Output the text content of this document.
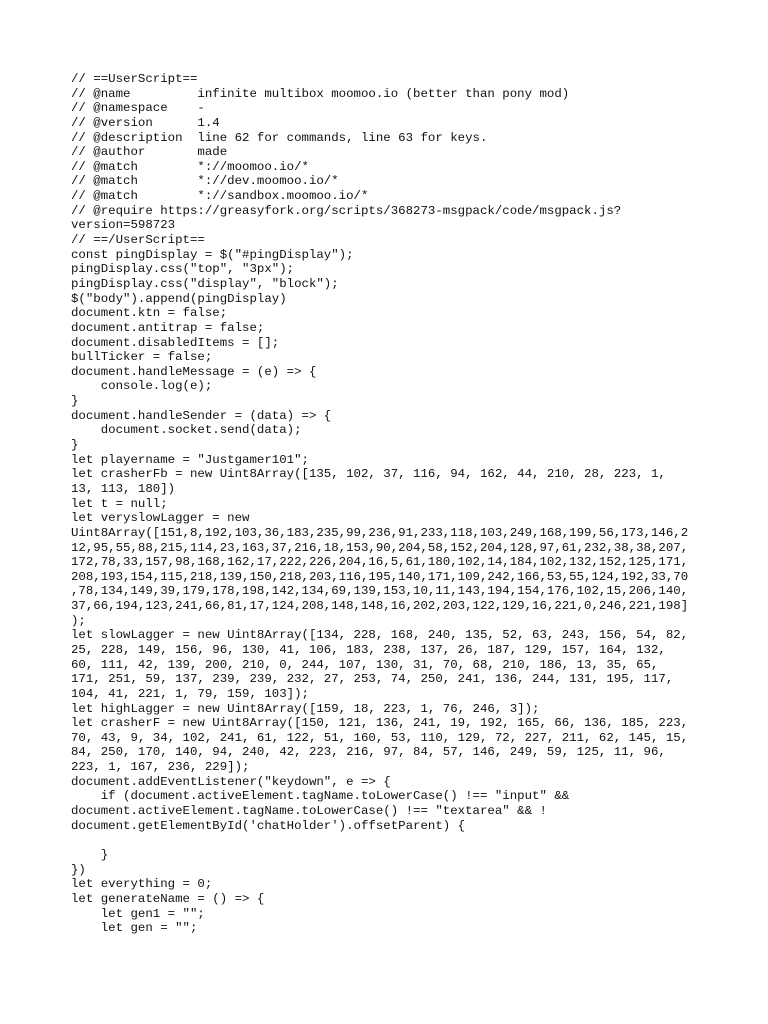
// ==UserScript==
// @name         infinite multibox moomoo.io (better than pony mod)
// @namespace    -
// @version      1.4
// @description  line 62 for commands, line 63 for keys.
// @author       made
// @match        *://moomoo.io/*
// @match        *://dev.moomoo.io/*
// @match        *://sandbox.moomoo.io/*
// @require https://greasyfork.org/scripts/368273-msgpack/code/msgpack.js?
version=598723
// ==/UserScript==
const pingDisplay = $("#pingDisplay");
pingDisplay.css("top", "3px");
pingDisplay.css("display", "block");
$("body").append(pingDisplay)
document.ktn = false;
document.antitrap = false;
document.disabledItems = [];
bullTicker = false;
document.handleMessage = (e) => {
console.log(e);
}
document.handleSender = (data) => {
document.socket.send(data);
}
let playername = "Justgamer101";
let crasherFb = new Uint8Array([135, 102, 37, 116, 94, 162, 44, 210, 28, 223, 1,
13, 113, 180])
let t = null;
let veryslowLagger = new
Uint8Array([151,8,192,103,36,183,235,99,236,91,233,118,103,249,168,199,56,173,146,2
12,95,55,88,215,114,23,163,37,216,18,153,90,204,58,152,204,128,97,61,232,38,38,207,
172,78,33,157,98,168,162,17,222,226,204,16,5,61,180,102,14,184,102,132,152,125,171,
208,193,154,115,218,139,150,218,203,116,195,140,171,109,242,166,53,55,124,192,33,70
,78,134,149,39,179,178,198,142,134,69,139,153,10,11,143,194,154,176,102,15,206,140,
37,66,194,123,241,66,81,17,124,208,148,148,16,202,203,122,129,16,221,0,246,221,198]
);
let slowLagger = new Uint8Array([134, 228, 168, 240, 135, 52, 63, 243, 156, 54, 82,
25, 228, 149, 156, 96, 130, 41, 106, 183, 238, 137, 26, 187, 129, 157, 164, 132,
60, 111, 42, 139, 200, 210, 0, 244, 107, 130, 31, 70, 68, 210, 186, 13, 35, 65,
171, 251, 59, 137, 239, 239, 232, 27, 253, 74, 250, 241, 136, 244, 131, 195, 117,
104, 41, 221, 1, 79, 159, 103]);
let highLagger = new Uint8Array([159, 18, 223, 1, 76, 246, 3]);
let crasherF = new Uint8Array([150, 121, 136, 241, 19, 192, 165, 66, 136, 185, 223,
70, 43, 9, 34, 102, 241, 61, 122, 51, 160, 53, 110, 129, 72, 227, 211, 62, 145, 15,
84, 250, 170, 140, 94, 240, 42, 223, 216, 97, 84, 57, 146, 249, 59, 125, 11, 96,
223, 1, 167, 236, 229]);
document.addEventListener("keydown", e => {
if (document.activeElement.tagName.toLowerCase() !== "input" &&
document.activeElement.tagName.toLowerCase() !== "textarea" && !
document.getElementById('chatHolder').offsetParent) {
}
})
let everything = 0;
let generateName = () => {
let gen1 = "";
let gen = "";
